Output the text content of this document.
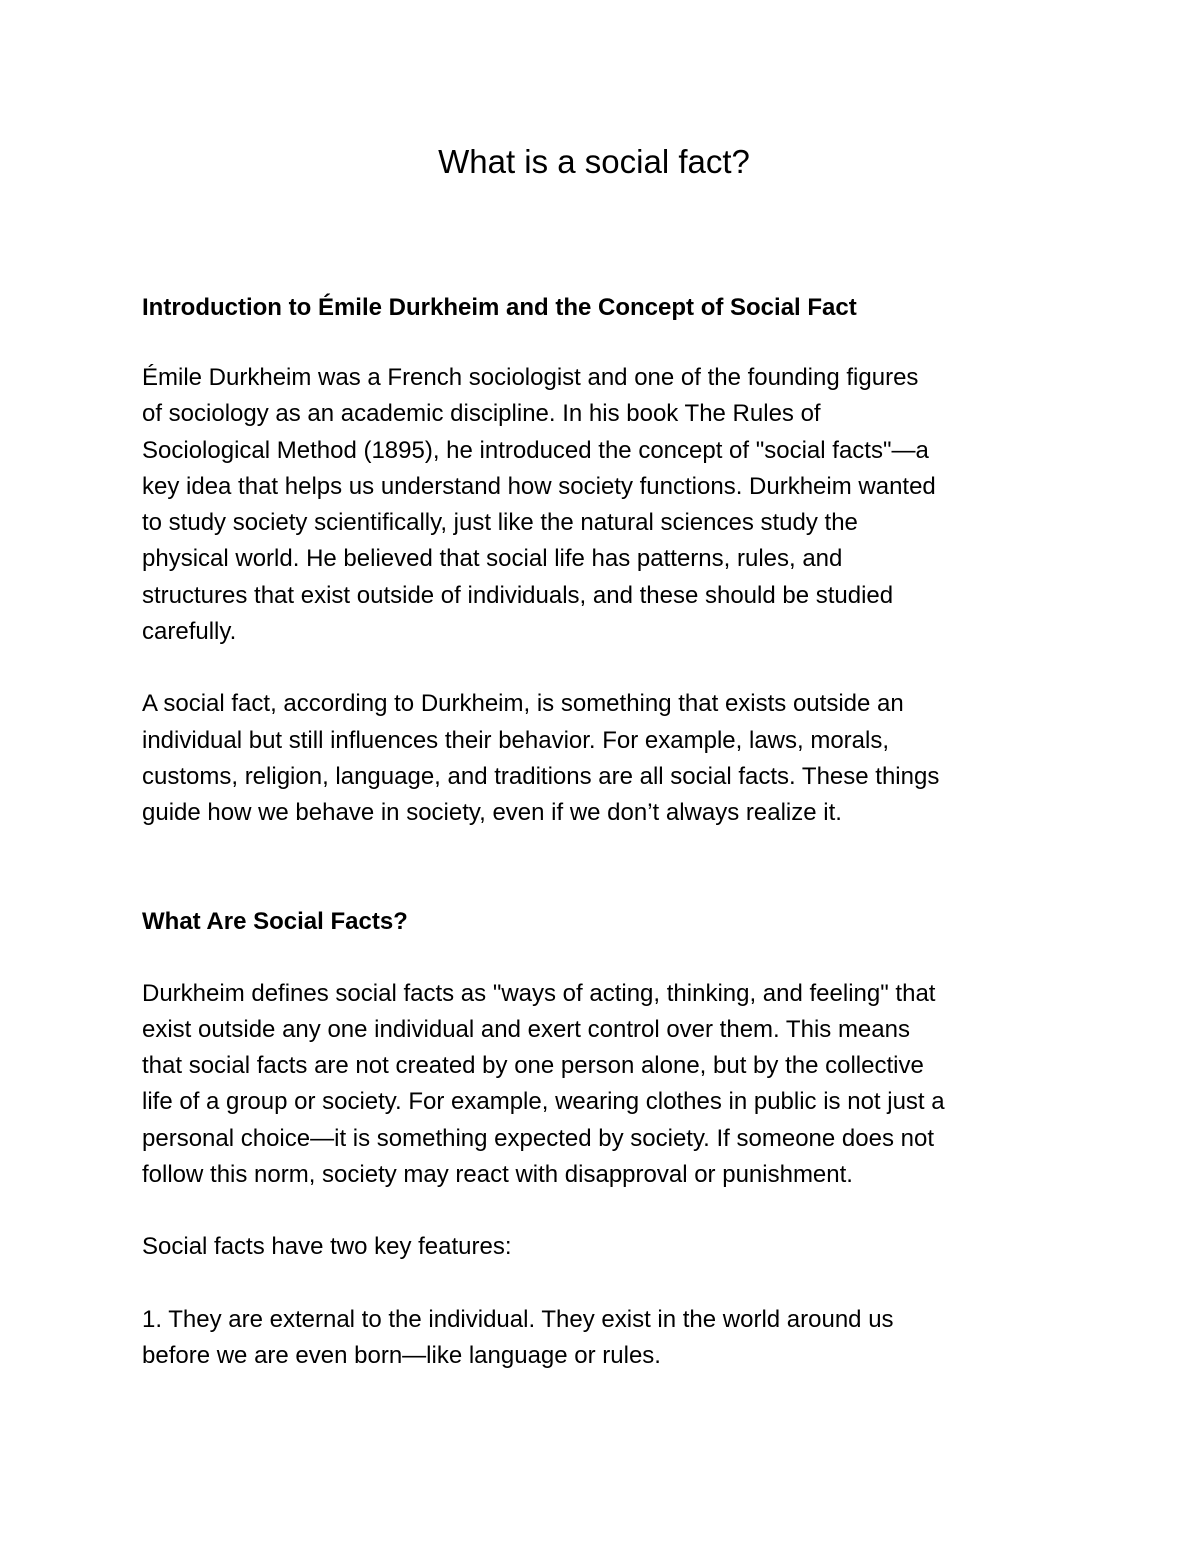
What is a social fact?
Introduction to Émile Durkheim and the Concept of Social Fact

Émile Durkheim was a French sociologist and one of the founding figures
of sociology as an academic discipline. In his book The Rules of
Sociological Method (1895), he introduced the concept of "social facts"—a
key idea that helps us understand how society functions. Durkheim wanted
to study society scientifically, just like the natural sciences study the
physical world. He believed that social life has patterns, rules, and
structures that exist outside of individuals, and these should be studied
carefully.

A social fact, according to Durkheim, is something that exists outside an
individual but still influences their behavior. For example, laws, morals,
customs, religion, language, and traditions are all social facts. These things
guide how we behave in society, even if we don’t always realize it.

What Are Social Facts?

Durkheim defines social facts as "ways of acting, thinking, and feeling" that
exist outside any one individual and exert control over them. This means
that social facts are not created by one person alone, but by the collective
life of a group or society. For example, wearing clothes in public is not just a
personal choice—it is something expected by society. If someone does not
follow this norm, society may react with disapproval or punishment.

Social facts have two key features:

1. They are external to the individual. They exist in the world around us
before we are even born—like language or rules.
